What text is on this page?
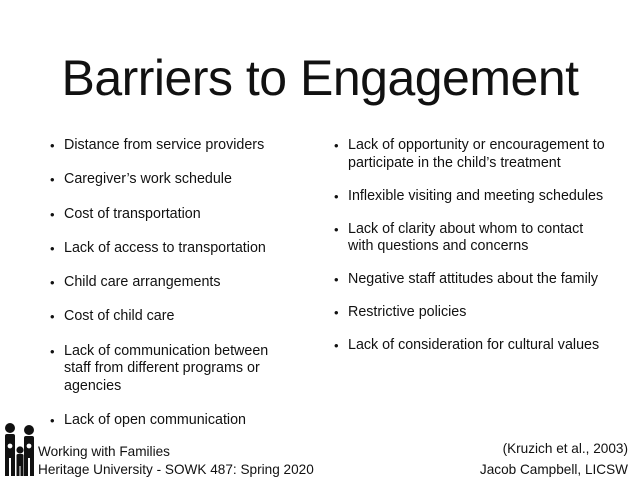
Barriers to Engagement
• Distance from service providers
• Caregiver’s work schedule
• Cost of transportation
• Lack of access to transportation
• Child care arrangements
• Cost of child care
• Lack of communication between staff from different programs or agencies
• Lack of open communication
• Lack of opportunity or encouragement to participate in the child’s treatment
• Inflexible visiting and meeting schedules
• Lack of clarity about whom to contact with questions and concerns
• Negative staff attitudes about the family
• Restrictive policies
• Lack of consideration for cultural values
Working with Families
Heritage University - SOWK 487: Spring 2020
(Kruzich et al., 2003)
Jacob Campbell, LICSW
